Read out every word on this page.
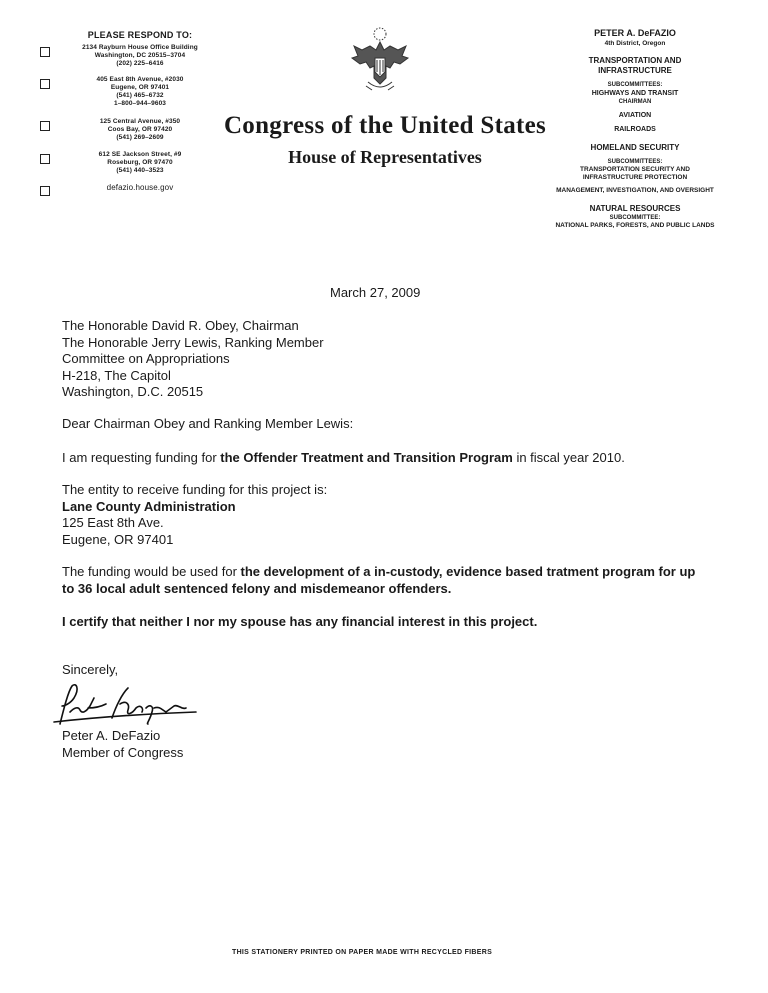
PLEASE RESPOND TO:
2134 Rayburn House Office Building
Washington, DC 20515–3704
(202) 225–6416
405 East 8th Avenue, #2030
Eugene, OR 97401
(541) 465–6732
1–800–944–9603
125 Central Avenue, #350
Coos Bay, OR 97420
(541) 269–2609
612 SE Jackson Street, #9
Roseburg, OR 97470
(541) 440–3523
defazio.house.gov
Congress of the United States
House of Representatives
PETER A. DeFAZIO
4th District, Oregon
TRANSPORTATION AND INFRASTRUCTURE
SUBCOMMITTEES:
HIGHWAYS AND TRANSIT
CHAIRMAN
AVIATION
RAILROADS
HOMELAND SECURITY
SUBCOMMITTEES:
TRANSPORTATION SECURITY AND INFRASTRUCTURE PROTECTION
MANAGEMENT, INVESTIGATION, AND OVERSIGHT
NATURAL RESOURCES
SUBCOMMITTEE:
NATIONAL PARKS, FORESTS, AND PUBLIC LANDS
March 27, 2009
The Honorable David R. Obey, Chairman
The Honorable Jerry Lewis, Ranking Member
Committee on Appropriations
H-218, The Capitol
Washington, D.C. 20515
Dear Chairman Obey and Ranking Member Lewis:
I am requesting funding for the Offender Treatment and Transition Program in fiscal year 2010.
The entity to receive funding for this project is:
Lane County Administration
125 East 8th Ave.
Eugene, OR 97401
The funding would be used for the development of a in-custody, evidence based tratment program for up to 36 local adult sentenced felony and misdemeanor offenders.
I certify that neither I nor my spouse has any financial interest in this project.
Sincerely,
Peter A. DeFazio
Member of Congress
THIS STATIONERY PRINTED ON PAPER MADE WITH RECYCLED FIBERS
